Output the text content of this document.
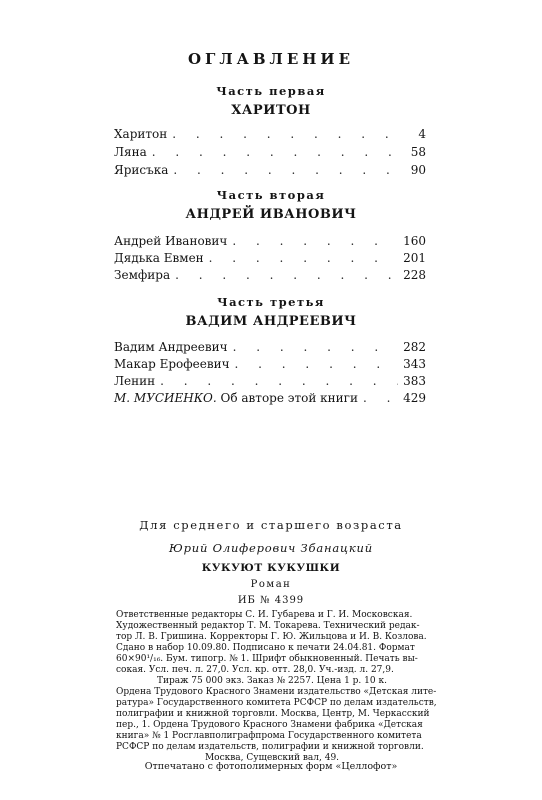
ОГЛАВЛЕНИЕ
Часть первая
ХАРИТОН
Харитон . . .	4
Ляна . . .	58
Ярисъка . . .	90
Часть вторая
АНДРЕЙ ИВАНОВИЧ
Андрей Иванович . . .	160
Дядька Евмен . . .	201
Земфира . . .	228
Часть третья
ВАДИМ АНДРЕЕВИЧ
Вадим Андреевич . . .	282
Макар Ерофеевич . . .	343
Ленин . . .	383
М. МУСИЕНКО. Об авторе этой книги . . .	429
Для среднего и старшего возраста
Юрий Олиферович Збанацкий
КУКУЮТ КУКУШКИ
Роман
ИБ № 4399
Ответственные редакторы С. И. Губарева и Г. И. Московская.
Художественный редактор Т. М. Токарева. Технический редак-
тор Л. В. Гришина. Корректоры Г. Ю. Жильцова и И. В. Козлова.
Сдано в набор 10.09.80. Подписано к печати 24.04.81. Формат
60×90¹/₁₆. Бум. типогр. № 1. Шрифт обыкновенный. Печать вы-
сокая. Усл. печ. л. 27,0. Усл. кр. отт. 28,0. Уч.-изд. л. 27,9.
Тираж 75 000 экз. Заказ № 2257. Цена 1 р. 10 к.
Ордена Трудового Красного Знамени издательство «Детская лите-
ратура» Государственного комитета РСФСР по делам издательств,
полиграфии и книжной торговли. Москва, Центр, М. Черкасский
пер., 1. Ордена Трудового Красного Знамени фабрика «Детская
книга» № 1 Росглавполиграфпрома Государственного комитета
РСФСР по делам издательств, полиграфии и книжной торговли.
Москва, Сущевский вал, 49.
Отпечатано с фотополимерных форм «Целлофот»
